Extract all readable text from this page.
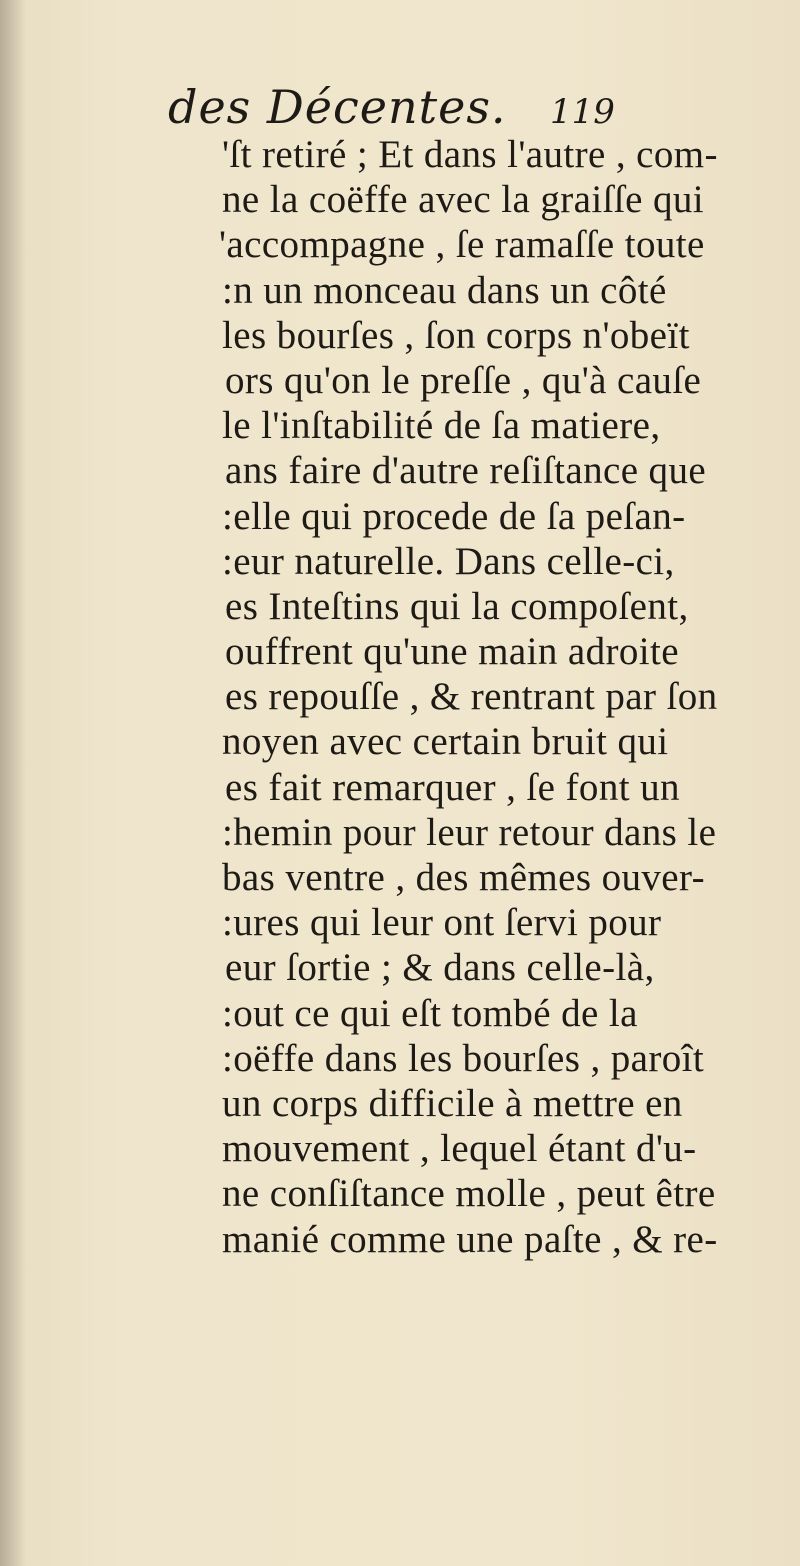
des Décentes. 119
'ſt retiré ; Et dans l'autre , com-
ne la coëffe avec la graiſſe qui
'accompagne , ſe ramaſſe toute
:n un monceau dans un côté
les bourſes , ſon corps n'obeït
ors qu'on le preſſe , qu'à cauſe
le l'inſtabilité de ſa matiere,
ans faire d'autre reſiſtance que
:elle qui procede de ſa peſan-
:eur naturelle. Dans celle-ci,
es Inteſtins qui la compoſent,
ouffrent qu'une main adroite
es repouſſe , & rentrant par ſon
noyen avec certain bruit qui
es fait remarquer , ſe font un
:hemin pour leur retour dans le
bas ventre , des mêmes ouver-
:ures qui leur ont ſervi pour
eur ſortie ; & dans celle-là,
:out ce qui eſt tombé de la
:oëffe dans les bourſes , paroît
un corps difficile à mettre en
mouvement , lequel étant d'u-
ne conſiſtance molle , peut être
manié comme une paſte , & re-
